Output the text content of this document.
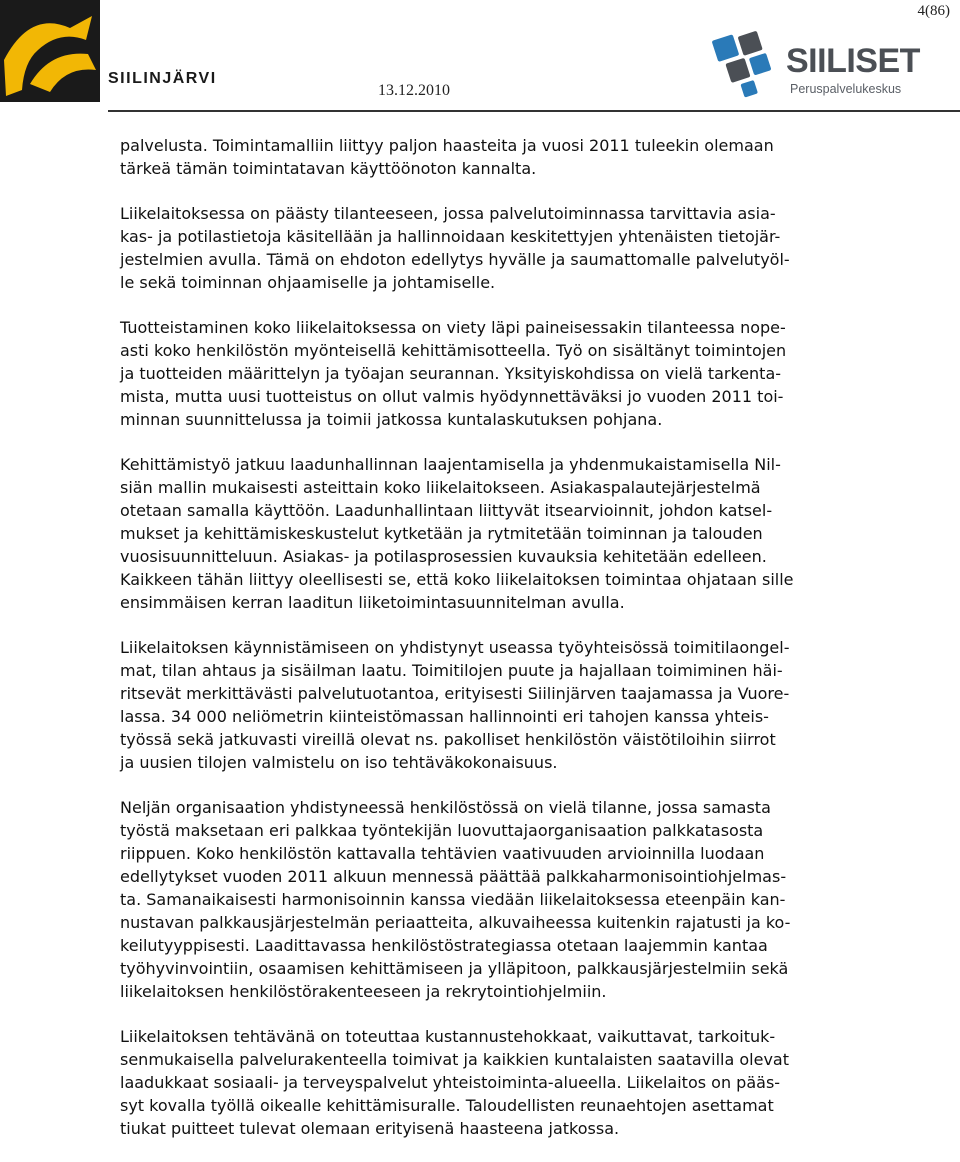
4(86)
SIILINJÄRVI
13.12.2010
SIILISET
Peruspalvelukeskus

palvelusta. Toimintamalliin liittyy paljon haasteita ja vuosi 2011 tuleekin olemaan
tärkeä tämän toimintatavan käyttöönoton kannalta.

Liikelaitoksessa on päästy tilanteeseen, jossa palvelutoiminnassa tarvittavia asia-
kas- ja potilastietoja käsitellään ja hallinnoidaan keskitettyjen yhtenäisten tietojär-
jestelmien avulla. Tämä on ehdoton edellytys hyvälle ja saumattomalle palvelutyöl-
le sekä toiminnan ohjaamiselle ja johtamiselle.

Tuotteistaminen koko liikelaitoksessa on viety läpi paineisessakin tilanteessa nope-
asti koko henkilöstön myönteisellä kehittämisotteella. Työ on sisältänyt toimintojen
ja tuotteiden määrittelyn ja työajan seurannan. Yksityiskohdissa on vielä tarkenta-
mista, mutta uusi tuotteistus on ollut valmis hyödynnettäväksi jo vuoden 2011 toi-
minnan suunnittelussa ja toimii jatkossa kuntalaskutuksen pohjana.

Kehittämistyö jatkuu laadunhallinnan laajentamisella ja yhdenmukaistamisella Nil-
siän mallin mukaisesti asteittain koko liikelaitokseen. Asiakaspalautejärjestelmä
otetaan samalla käyttöön. Laadunhallintaan liittyvät itsearvioinnit, johdon katsel-
mukset ja kehittämiskeskustelut kytketään ja rytmitetään toiminnan ja talouden
vuosisuunnitteluun. Asiakas- ja potilasprosessien kuvauksia kehitetään edelleen.
Kaikkeen tähän liittyy oleellisesti se, että koko liikelaitoksen toimintaa ohjataan sille
ensimmäisen kerran laaditun liiketoimintasuunnitelman avulla.

Liikelaitoksen käynnistämiseen on yhdistynyt useassa työyhteisössä toimitilaongel-
mat, tilan ahtaus ja sisäilman laatu. Toimitilojen puute ja hajallaan toimiminen häi-
ritsevät merkittävästi palvelutuotantoa, erityisesti Siilinjärven taajamassa ja Vuore-
lassa. 34 000 neliömetrin kiinteistömassan hallinnointi eri tahojen kanssa yhteis-
työssä sekä jatkuvasti vireillä olevat ns. pakolliset henkilöstön väistötiloihin siirrot
ja uusien tilojen valmistelu on iso tehtäväkokonaisuus.

Neljän organisaation yhdistyneessä henkilöstössä on vielä tilanne, jossa samasta
työstä maksetaan eri palkkaa työntekijän luovuttajaorganisaation palkkatasosta
riippuen. Koko henkilöstön kattavalla tehtävien vaativuuden arvioinnilla luodaan
edellytykset vuoden 2011 alkuun mennessä päättää palkkaharmonisointiohjelmas-
ta. Samanaikaisesti harmonisoinnin kanssa viedään liikelaitoksessa eteenpäin kan-
nustavan palkkausjärjestelmän periaatteita, alkuvaiheessa kuitenkin rajatusti ja ko-
keilutyyppisesti. Laadittavassa henkilöstöstrategiassa otetaan laajemmin kantaa
työhyvinvointiin, osaamisen kehittämiseen ja ylläpitoon, palkkausjärjestelmiin sekä
liikelaitoksen henkilöstörakenteeseen ja rekrytointiohjelmiin.

Liikelaitoksen tehtävänä on toteuttaa kustannustehokkaat, vaikuttavat, tarkoituk-
senmukaisella palvelurakenteella toimivat ja kaikkien kuntalaisten saatavilla olevat
laadukkaat sosiaali- ja terveyspalvelut yhteistoiminta-alueella. Liikelaitos on pääs-
syt kovalla työllä oikealle kehittämisuralle. Taloudellisten reunaehtojen asettamat
tiukat puitteet tulevat olemaan erityisenä haasteena jatkossa.
